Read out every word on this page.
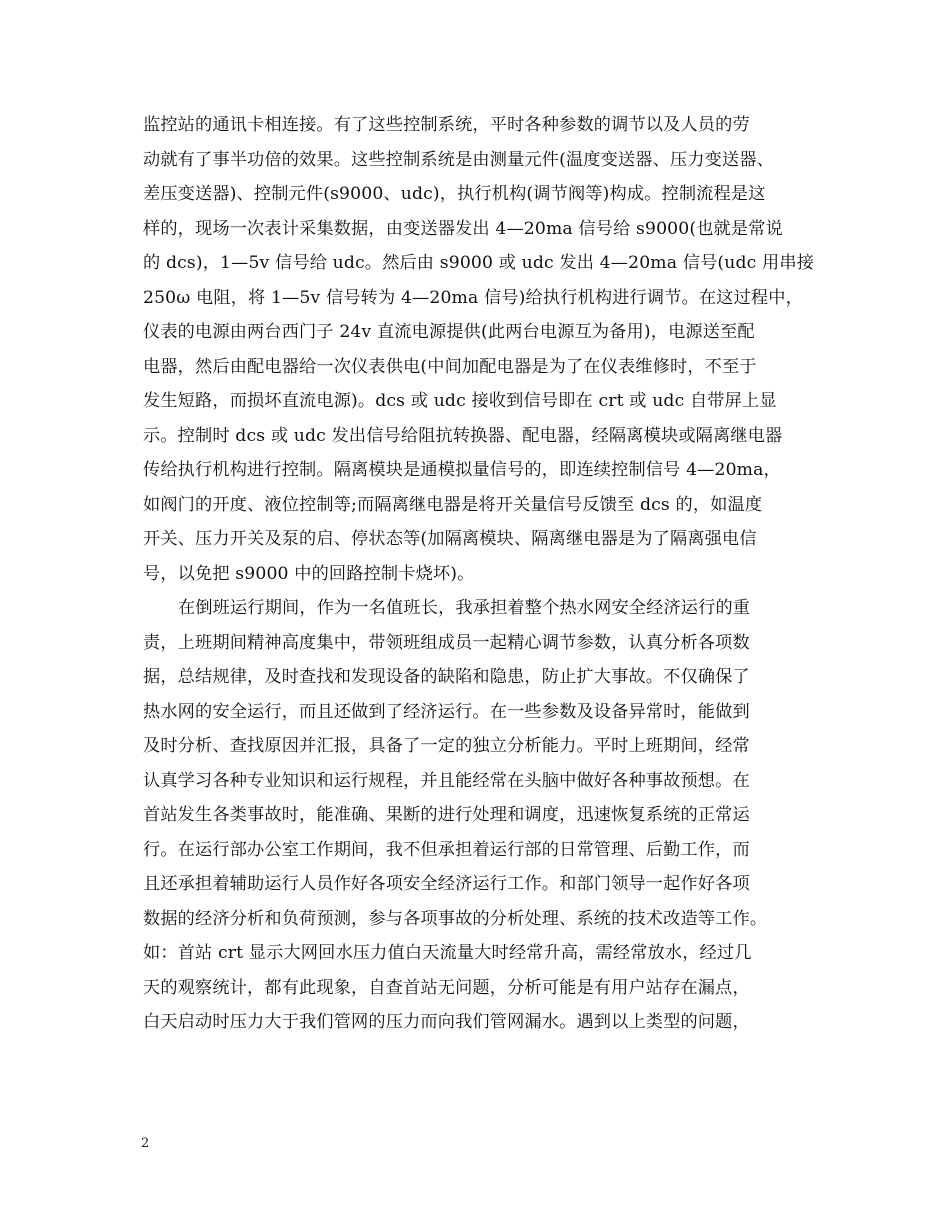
监控站的通讯卡相连接。有了这些控制系统，平时各种参数的调节以及人员的劳
动就有了事半功倍的效果。这些控制系统是由测量元件(温度变送器、压力变送器、
差压变送器)、控制元件(s9000、udc)，执行机构(调节阀等)构成。控制流程是这
样的，现场一次表计采集数据，由变送器发出 4—20ma 信号给 s9000(也就是常说
的 dcs)，1—5v 信号给 udc。然后由 s9000 或 udc 发出 4—20ma 信号(udc 用串接
250ω 电阻，将 1—5v 信号转为 4—20ma 信号)给执行机构进行调节。在这过程中，
仪表的电源由两台西门子 24v 直流电源提供(此两台电源互为备用)，电源送至配
电器，然后由配电器给一次仪表供电(中间加配电器是为了在仪表维修时，不至于
发生短路，而损坏直流电源)。dcs 或 udc 接收到信号即在 crt 或 udc 自带屏上显
示。控制时 dcs 或 udc 发出信号给阻抗转换器、配电器，经隔离模块或隔离继电器
传给执行机构进行控制。隔离模块是通模拟量信号的，即连续控制信号 4—20ma，
如阀门的开度、液位控制等;而隔离继电器是将开关量信号反馈至 dcs 的，如温度
开关、压力开关及泵的启、停状态等(加隔离模块、隔离继电器是为了隔离强电信
号，以免把 s9000 中的回路控制卡烧坏)。
在倒班运行期间，作为一名值班长，我承担着整个热水网安全经济运行的重
责，上班期间精神高度集中，带领班组成员一起精心调节参数，认真分析各项数
据，总结规律，及时查找和发现设备的缺陷和隐患，防止扩大事故。不仅确保了
热水网的安全运行，而且还做到了经济运行。在一些参数及设备异常时，能做到
及时分析、查找原因并汇报，具备了一定的独立分析能力。平时上班期间，经常
认真学习各种专业知识和运行规程，并且能经常在头脑中做好各种事故预想。在
首站发生各类事故时，能准确、果断的进行处理和调度，迅速恢复系统的正常运
行。在运行部办公室工作期间，我不但承担着运行部的日常管理、后勤工作，而
且还承担着辅助运行人员作好各项安全经济运行工作。和部门领导一起作好各项
数据的经济分析和负荷预测，参与各项事故的分析处理、系统的技术改造等工作。
如：首站 crt 显示大网回水压力值白天流量大时经常升高，需经常放水，经过几
天的观察统计，都有此现象，自查首站无问题，分析可能是有用户站存在漏点，
白天启动时压力大于我们管网的压力而向我们管网漏水。遇到以上类型的问题，
2
